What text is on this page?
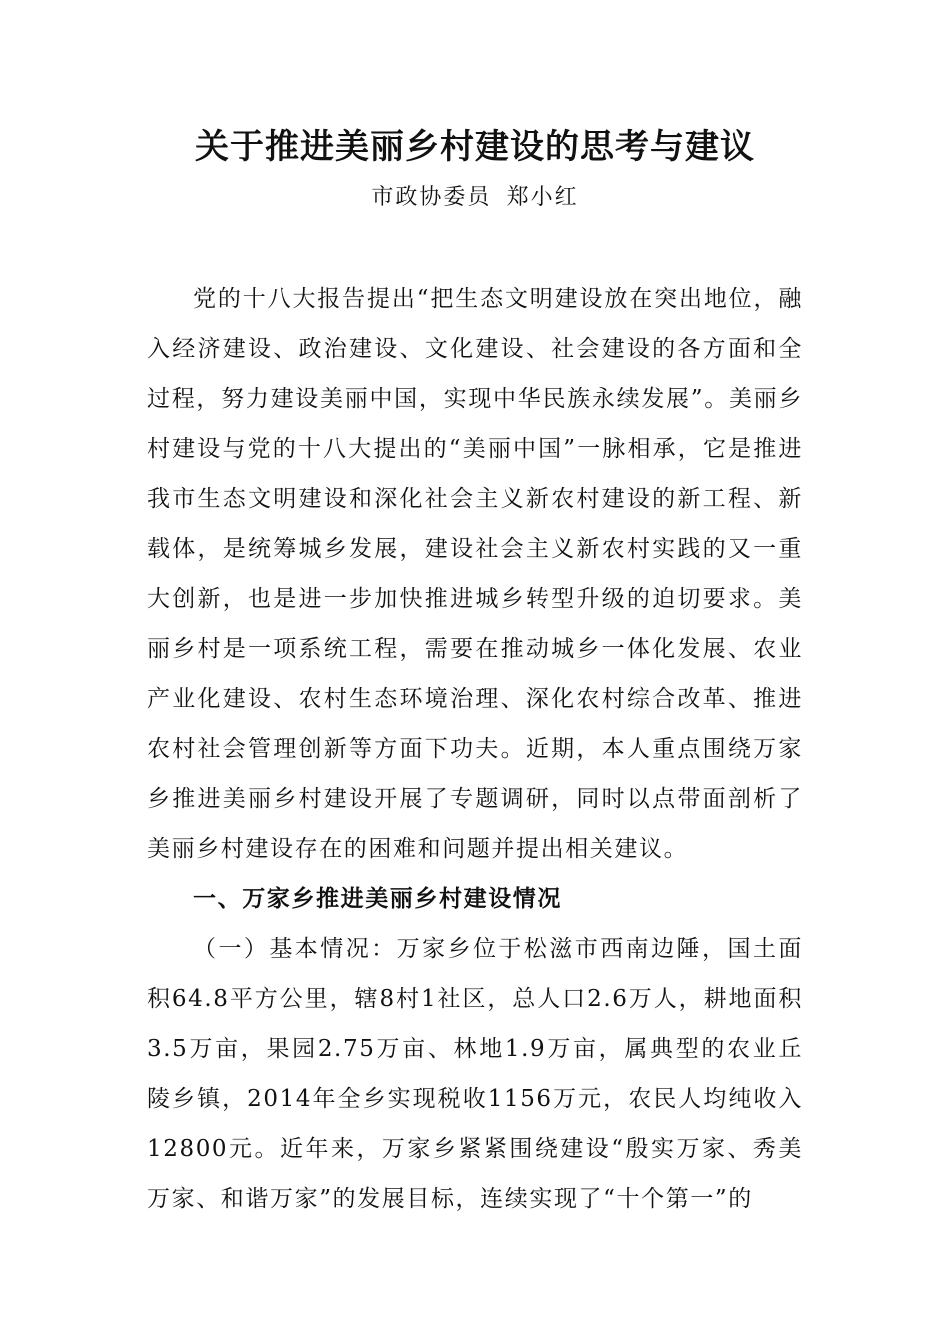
关于推进美丽乡村建设的思考与建议
市政协委员 郑小红

党的十八大报告提出“把生态文明建设放在突出地位，融入经济建设、政治建设、文化建设、社会建设的各方面和全过程，努力建设美丽中国，实现中华民族永续发展”。美丽乡村建设与党的十八大提出的“美丽中国”一脉相承，它是推进我市生态文明建设和深化社会主义新农村建设的新工程、新载体，是统筹城乡发展，建设社会主义新农村实践的又一重大创新，也是进一步加快推进城乡转型升级的迫切要求。美丽乡村是一项系统工程，需要在推动城乡一体化发展、农业产业化建设、农村生态环境治理、深化农村综合改革、推进农村社会管理创新等方面下功夫。近期，本人重点围绕万家乡推进美丽乡村建设开展了专题调研，同时以点带面剖析了美丽乡村建设存在的困难和问题并提出相关建议。

一、万家乡推进美丽乡村建设情况

（一）基本情况：万家乡位于松滋市西南边陲，国土面积64.8平方公里，辖8村1社区，总人口2.6万人，耕地面积3.5万亩，果园2.75万亩、林地1.9万亩，属典型的农业丘陵乡镇，2014年全乡实现税收1156万元，农民人均纯收入12800元。近年来，万家乡紧紧围绕建设“殷实万家、秀美万家、和谐万家”的发展目标，连续实现了“十个第一”的
